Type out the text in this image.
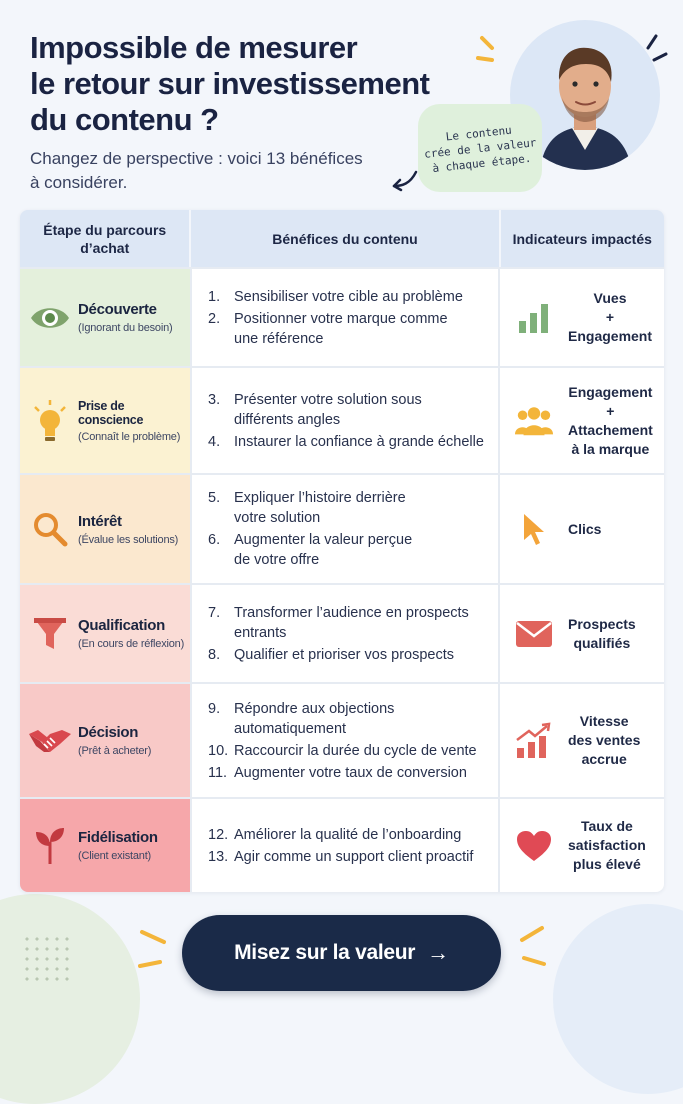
Impossible de mesurer
le retour sur investissement
du contenu ?

Changez de perspective : voici 13 bénéfices
à considérer.

Le contenu
crée de la valeur
à chaque étape.
Étape du parcours
d’achat
Bénéfices du contenu	Indicateurs impactés
Découverte
(Ignorant du besoin)
1. Sensibiliser votre cible au problème
2. Positionner votre marque comme
une référence
Vues
+
Engagement
Prise de conscience
(Connaît le problème)
3. Présenter votre solution sous
différents angles
4. Instaurer la confiance à grande échelle
Engagement
+
Attachement
à la marque
Intérêt
(Évalue les solutions)
5. Expliquer l’histoire derrière
votre solution
6. Augmenter la valeur perçue
de votre offre
Clics
Qualification
(En cours de réflexion)
7. Transformer l’audience en prospects
entrants
8. Qualifier et prioriser vos prospects
Prospects
qualifiés
Décision
(Prêt à acheter)
9. Répondre aux objections
automatiquement
10. Raccourcir la durée du cycle de vente
11. Augmenter votre taux de conversion
Vitesse
des ventes
accrue
Fidélisation
(Client existant)
12. Améliorer la qualité de l’onboarding
13. Agir comme un support client proactif
Taux de
satisfaction
plus élevé
Misez sur la valeur →
